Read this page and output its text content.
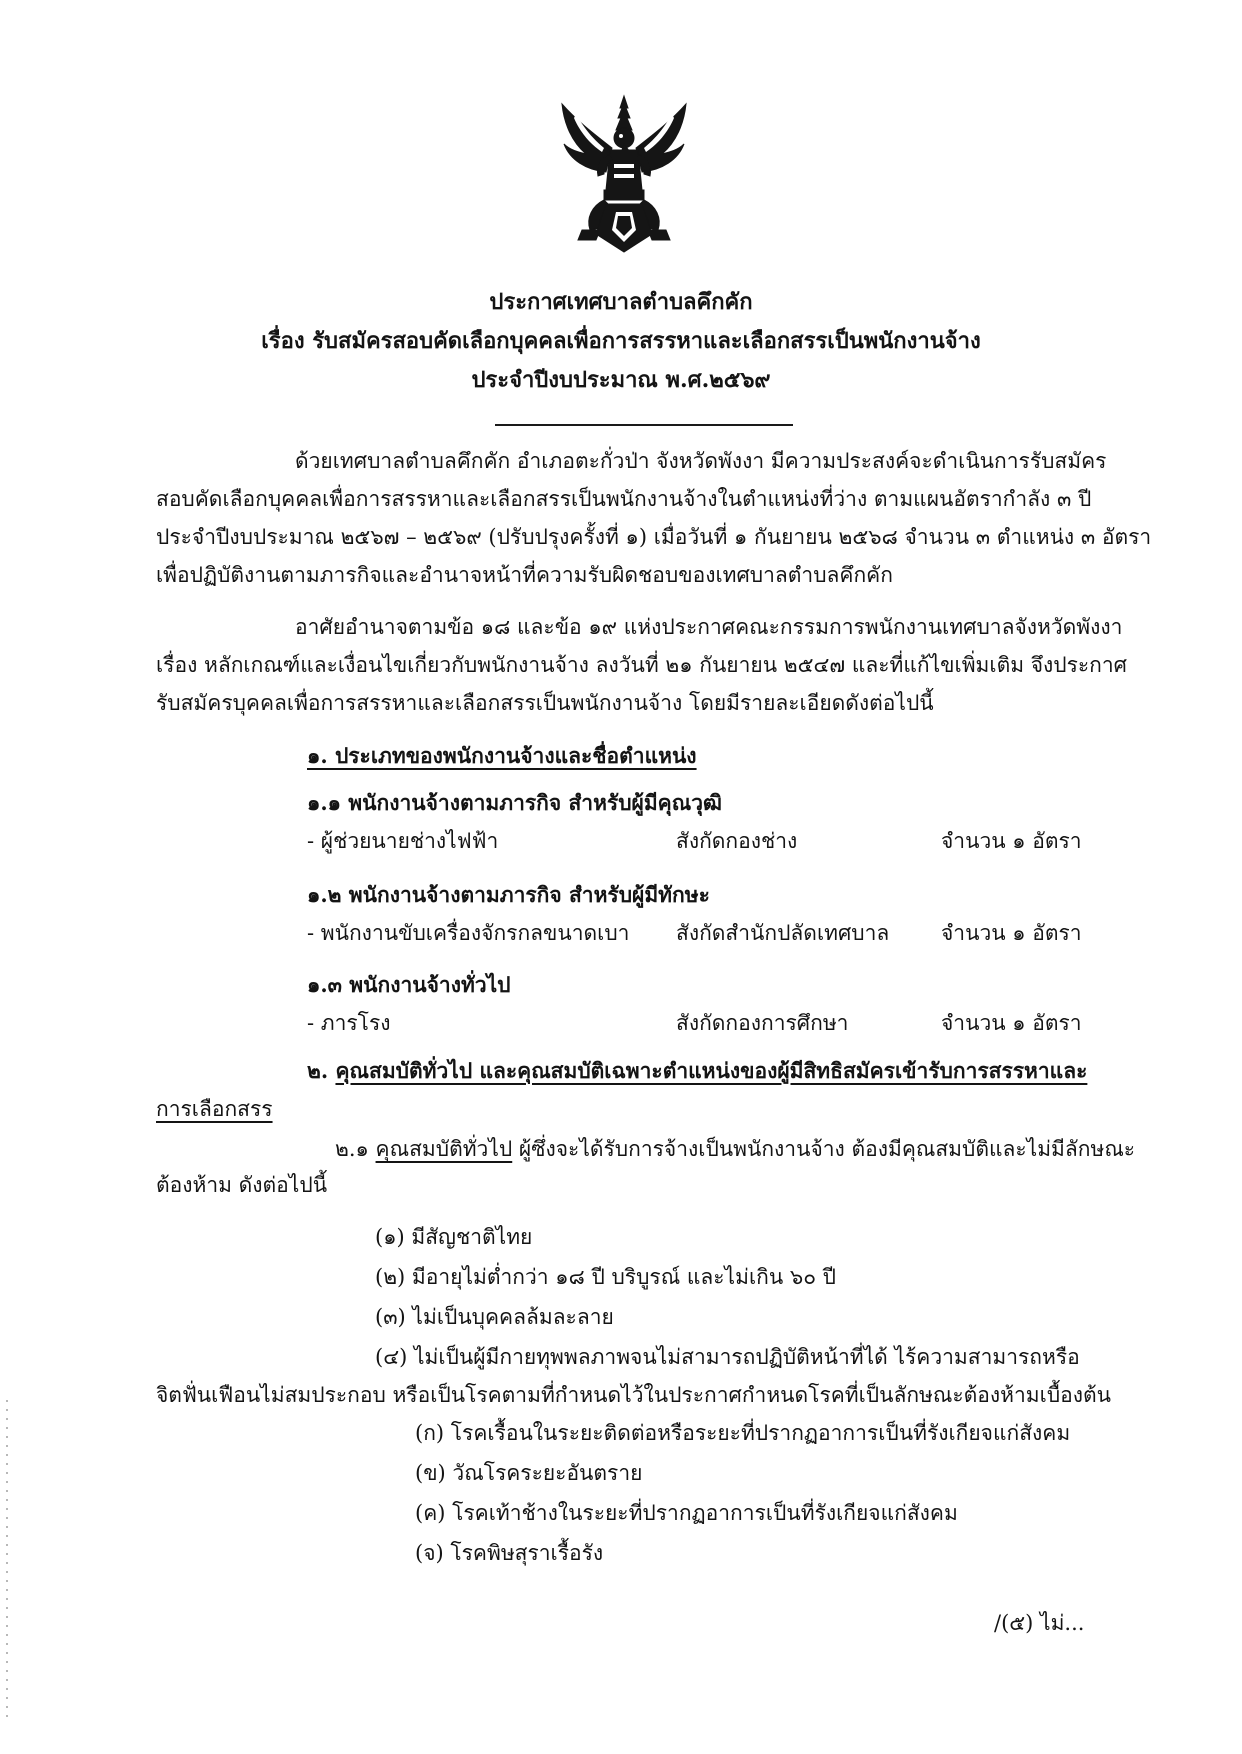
ประกาศเทศบาลตำบลคึกคัก
เรื่อง รับสมัครสอบคัดเลือกบุคคลเพื่อการสรรหาและเลือกสรรเป็นพนักงานจ้าง
ประจำปีงบประมาณ พ.ศ.๒๕๖๙
ด้วยเทศบาลตำบลคึกคัก อำเภอตะกั่วป่า จังหวัดพังงา มีความประสงค์จะดำเนินการรับสมัคร
สอบคัดเลือกบุคคลเพื่อการสรรหาและเลือกสรรเป็นพนักงานจ้างในตำแหน่งที่ว่าง ตามแผนอัตรากำลัง ๓ ปี
ประจำปีงบประมาณ ๒๕๖๗ – ๒๕๖๙ (ปรับปรุงครั้งที่ ๑) เมื่อวันที่ ๑ กันยายน ๒๕๖๘ จำนวน ๓ ตำแหน่ง ๓ อัตรา
เพื่อปฏิบัติงานตามภารกิจและอำนาจหน้าที่ความรับผิดชอบของเทศบาลตำบลคึกคัก
อาศัยอำนาจตามข้อ ๑๘ และข้อ ๑๙ แห่งประกาศคณะกรรมการพนักงานเทศบาลจังหวัดพังงา
เรื่อง หลักเกณฑ์และเงื่อนไขเกี่ยวกับพนักงานจ้าง ลงวันที่ ๒๑ กันยายน ๒๕๔๗ และที่แก้ไขเพิ่มเติม จึงประกาศ
รับสมัครบุคคลเพื่อการสรรหาและเลือกสรรเป็นพนักงานจ้าง โดยมีรายละเอียดดังต่อไปนี้
๑. ประเภทของพนักงานจ้างและชื่อตำแหน่ง
๑.๑ พนักงานจ้างตามภารกิจ สำหรับผู้มีคุณวุฒิ
- ผู้ช่วยนายช่างไฟฟ้า	สังกัดกองช่าง	จำนวน ๑ อัตรา
๑.๒ พนักงานจ้างตามภารกิจ สำหรับผู้มีทักษะ
- พนักงานขับเครื่องจักรกลขนาดเบา สังกัดสำนักปลัดเทศบาล จำนวน ๑ อัตรา
๑.๓ พนักงานจ้างทั่วไป
- ภารโรง	สังกัดกองการศึกษา	จำนวน ๑ อัตรา
๒. คุณสมบัติทั่วไป และคุณสมบัติเฉพาะตำแหน่งของผู้มีสิทธิสมัครเข้ารับการสรรหาและ
การเลือกสรร
๒.๑ คุณสมบัติทั่วไป ผู้ซึ่งจะได้รับการจ้างเป็นพนักงานจ้าง ต้องมีคุณสมบัติและไม่มีลักษณะ
ต้องห้าม ดังต่อไปนี้
(๑) มีสัญชาติไทย
(๒) มีอายุไม่ต่ำกว่า ๑๘ ปี บริบูรณ์ และไม่เกิน ๖๐ ปี
(๓) ไม่เป็นบุคคลล้มละลาย
(๔) ไม่เป็นผู้มีกายทุพพลภาพจนไม่สามารถปฏิบัติหน้าที่ได้ ไร้ความสามารถหรือ
จิตฟั่นเฟือนไม่สมประกอบ หรือเป็นโรคตามที่กำหนดไว้ในประกาศกำหนดโรคที่เป็นลักษณะต้องห้ามเบื้องต้น
(ก) โรคเรื้อนในระยะติดต่อหรือระยะที่ปรากฏอาการเป็นที่รังเกียจแก่สังคม
(ข) วัณโรคระยะอันตราย
(ค) โรคเท้าช้างในระยะที่ปรากฏอาการเป็นที่รังเกียจแก่สังคม
(จ) โรคพิษสุราเรื้อรัง
/(๕) ไม่...
